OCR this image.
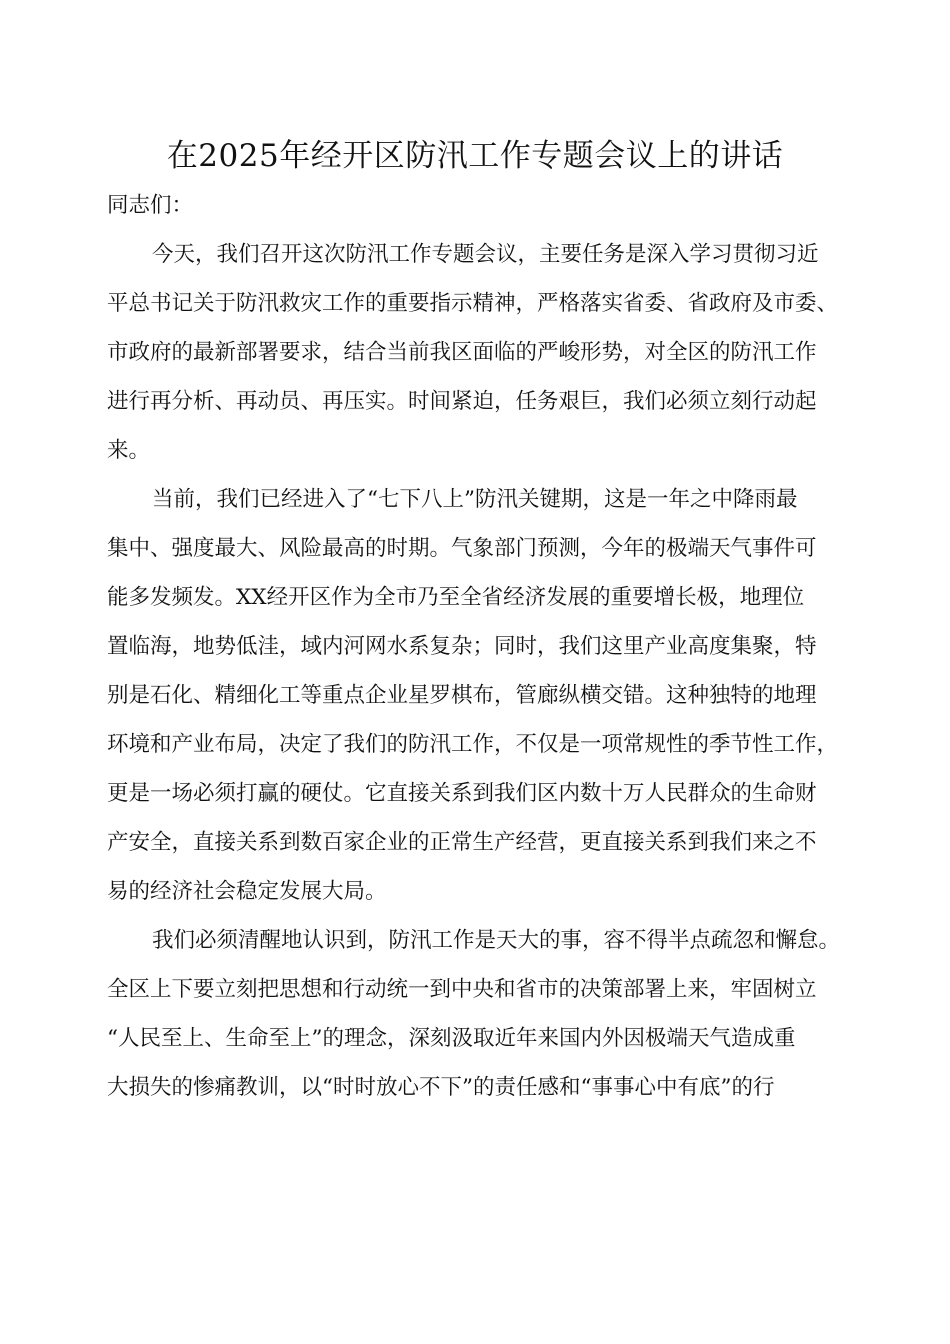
在2025年经开区防汛工作专题会议上的讲话
同志们：
今天，我们召开这次防汛工作专题会议，主要任务是深入学习贯彻习近
平总书记关于防汛救灾工作的重要指示精神，严格落实省委、省政府及市委、
市政府的最新部署要求，结合当前我区面临的严峻形势，对全区的防汛工作
进行再分析、再动员、再压实。时间紧迫，任务艰巨，我们必须立刻行动起
来。
当前，我们已经进入了“七下八上”防汛关键期，这是一年之中降雨最
集中、强度最大、风险最高的时期。气象部门预测，今年的极端天气事件可
能多发频发。XX经开区作为全市乃至全省经济发展的重要增长极，地理位
置临海，地势低洼，域内河网水系复杂；同时，我们这里产业高度集聚，特
别是石化、精细化工等重点企业星罗棋布，管廊纵横交错。这种独特的地理
环境和产业布局，决定了我们的防汛工作，不仅是一项常规性的季节性工作，
更是一场必须打赢的硬仗。它直接关系到我们区内数十万人民群众的生命财
产安全，直接关系到数百家企业的正常生产经营，更直接关系到我们来之不
易的经济社会稳定发展大局。
我们必须清醒地认识到，防汛工作是天大的事，容不得半点疏忽和懈怠。
全区上下要立刻把思想和行动统一到中央和省市的决策部署上来，牢固树立
“人民至上、生命至上”的理念，深刻汲取近年来国内外因极端天气造成重
大损失的惨痛教训，以“时时放心不下”的责任感和“事事心中有底”的行
